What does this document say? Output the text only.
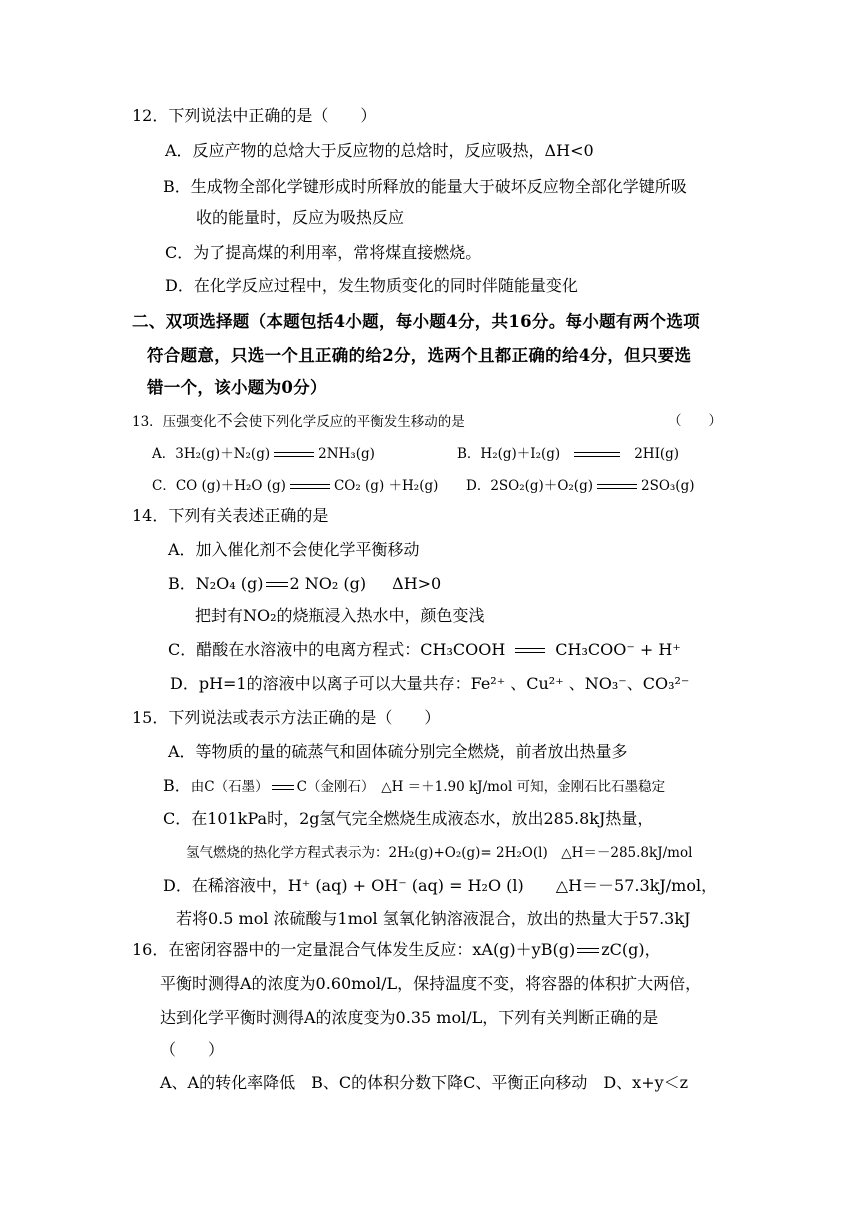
12．下列说法中正确的是（　　）
A．反应产物的总焓大于反应物的总焓时，反应吸热，ΔH<0
B．生成物全部化学键形成时所释放的能量大于破坏反应物全部化学键所吸
收的能量时，反应为吸热反应
C．为了提高煤的利用率，常将煤直接燃烧。
D．在化学反应过程中，发生物质变化的同时伴随能量变化
二、双项选择题（本题包括4小题，每小题4分，共16分。每小题有两个选项
符合题意，只选一个且正确的给2分，选两个且都正确的给4分，但只要选
错一个，该小题为0分）
13．压强变化不会使下列化学反应的平衡发生移动的是	（　　）
A．3H₂(g)＋N₂(g)	2NH₃(g)	B．H₂(g)＋I₂(g)	2HI(g)
C．CO (g)＋H₂O (g)	CO₂ (g) ＋H₂(g) D．2SO₂(g)＋O₂(g)	2SO₃(g)
14．下列有关表述正确的是
A．加入催化剂不会使化学平衡移动
B．N₂O₄ (g) 2 NO₂ (g) ΔH>0
把封有NO₂的烧瓶浸入热水中，颜色变浅
C．醋酸在水溶液中的电离方程式：CH₃COOH	CH₃COO⁻ + H⁺
D．pH=1的溶液中以离子可以大量共存：Fe²⁺ 、Cu²⁺ 、NO₃⁻、CO₃²⁻
15．下列说法或表示方法正确的是（　　）
A．等物质的量的硫蒸气和固体硫分别完全燃烧，前者放出热量多
B．由C（石墨） C（金刚石）　△H ＝＋1.90 kJ/mol 可知，金刚石比石墨稳定
C．在101kPa时，2g氢气完全燃烧生成液态水，放出285.8kJ热量，
氢气燃烧的热化学方程式表示为：2H₂(g)+O₂(g)= 2H₂O(l)　△H＝－285.8kJ/mol
D．在稀溶液中，H⁺ (aq) + OH⁻ (aq) = H₂O (l)　　△H＝－57.3kJ/mol，
若将0.5 mol 浓硫酸与1mol 氢氧化钠溶液混合，放出的热量大于57.3kJ
16．在密闭容器中的一定量混合气体发生反应：xA(g)＋yB(g) zC(g)，
平衡时测得A的浓度为0.60mol/L，保持温度不变，将容器的体积扩大两倍，
达到化学平衡时测得A的浓度变为0.35 mol/L，下列有关判断正确的是
（　　）
A、A的转化率降低　B、C的体积分数下降C、平衡正向移动　D、x+y＜z
